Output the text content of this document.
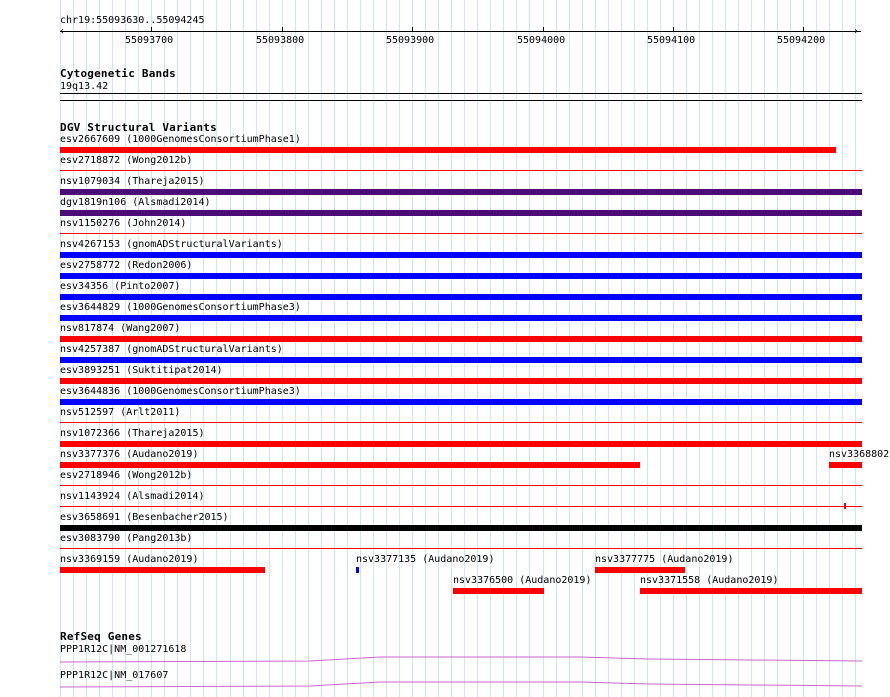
chr19:55093630..55094245
‹	›
55093700	55093800	55093900	55094000	55094100	55094200
Cytogenetic Bands
19q13.42
DGV Structural Variants
esv2667609 (1000GenomesConsortiumPhase1)
esv2718872 (Wong2012b)
nsv1079034 (Thareja2015)
dgv1819n106 (Alsmadi2014)
nsv1150276 (John2014)
nsv4267153 (gnomADStructuralVariants)
esv2758772 (Redon2006)
esv34356 (Pinto2007)
esv3644829 (1000GenomesConsortiumPhase3)
nsv817874 (Wang2007)
nsv4257387 (gnomADStructuralVariants)
esv3893251 (Suktitipat2014)
esv3644836 (1000GenomesConsortiumPhase3)
nsv512597 (Arlt2011)
nsv1072366 (Thareja2015)
nsv3377376 (Audano2019)
esv2718946 (Wong2012b)
nsv1143924 (Alsmadi2014)
esv3658691 (Besenbacher2015)
esv3083790 (Pang2013b)
nsv3368802
nsv3369159 (Audano2019)	nsv3377135 (Audano2019)	nsv3377775 (Audano2019)
nsv3376500 (Audano2019)	nsv3371558 (Audano2019)
RefSeq Genes
PPP1R12C|NM_001271618
PPP1R12C|NM_017607
